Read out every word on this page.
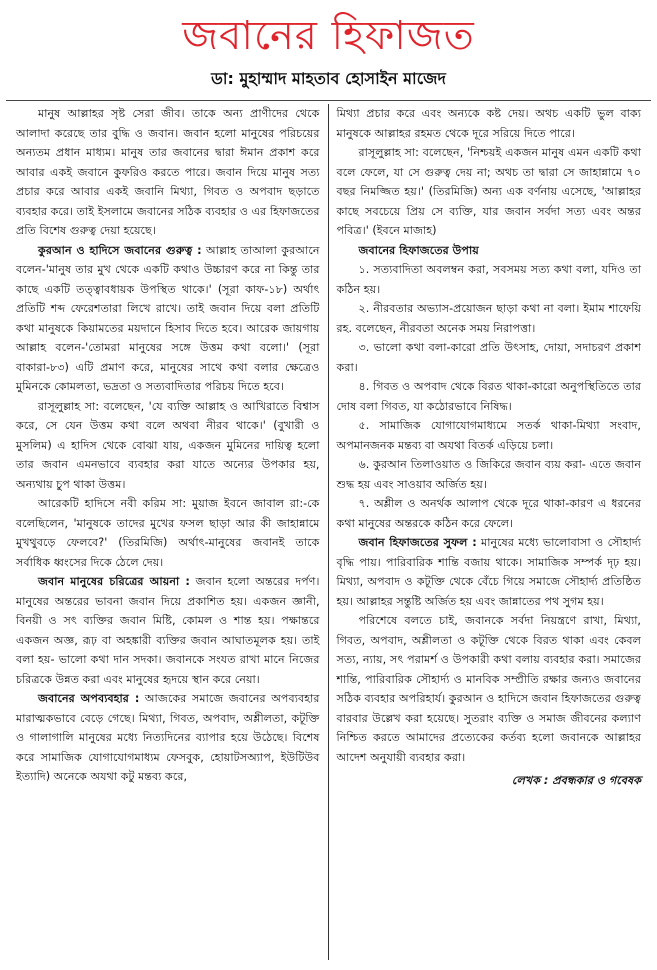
জবানের হিফাজত
ডা: মুহাম্মাদ মাহতাব হোসাইন মাজেদ

মানুষ আল্লাহর সৃষ্ট সেরা জীব। তাকে অন্য প্রাণীদের থেকে আলাদা করেছে তার বুদ্ধি ও জবান। জবান হলো মানুষের পরিচয়ের অন্যতম প্রধান মাধ্যম। মানুষ তার জবানের দ্বারা ঈমান প্রকাশ করে আবার একই জবানে কুফরিও করতে পারে। জবান দিয়ে মানুষ সত্য প্রচার করে আবার একই জবানি মিথ্যা, গিবত ও অপবাদ ছড়াতে ব্যবহার করে। তাই ইসলামে জবানের সঠিক ব্যবহার ও এর হিফাজতের প্রতি বিশেষ গুরুত্ব দেয়া হয়েছে।

কুরআন ও হাদিসে জবানের গুরুত্ব : আল্লাহ তাআলা কুরআনে বলেন-'মানুষ তার মুখ থেকে একটি কথাও উচ্চারণ করে না কিন্তু তার কাছে একটি তত্ত্বাবধায়ক উপস্থিত থাকে।' (সূরা কাফ-১৮) অর্থাৎ প্রতিটি শব্দ ফেরেশতারা লিখে রাখে। তাই জবান দিয়ে বলা প্রতিটি কথা মানুষকে কিয়ামতের ময়দানে হিসাব দিতে হবে। আরেক জায়গায় আল্লাহ বলেন-'তোমরা মানুষের সঙ্গে উত্তম কথা বলো।' (সূরা বাকারা-৮৩) এটি প্রমাণ করে, মানুষের সাথে কথা বলার ক্ষেত্রেও মুমিনকে কোমলতা, ভদ্রতা ও সত্যবাদিতার পরিচয় দিতে হবে।

রাসূলুল্লাহ সা: বলেছেন, 'যে ব্যক্তি আল্লাহ ও আখিরাতে বিশ্বাস করে, সে যেন উত্তম কথা বলে অথবা নীরব থাকে।' (বুখারী ও মুসলিম) এ হাদিস থেকে বোঝা যায়, একজন মুমিনের দায়িত্ব হলো তার জবান এমনভাবে ব্যবহার করা যাতে অন্যের উপকার হয়, অন্যথায় চুপ থাকা উত্তম।

আরেকটি হাদিসে নবী করিম সা: মুয়াজ ইবনে জাবাল রা:-কে বলেছিলেন, 'মানুষকে তাদের মুখের ফসল ছাড়া আর কী জাহান্নামে মুখথুবড়ে ফেলবে?' (তিরমিজি) অর্থাৎ-মানুষের জবানই তাকে সর্বাধিক ধ্বংসের দিকে ঠেলে দেয়।

জবান মানুষের চরিত্রের আয়না : জবান হলো অন্তরের দর্পণ। মানুষের অন্তরের ভাবনা জবান দিয়ে প্রকাশিত হয়। একজন জ্ঞানী, বিনয়ী ও সৎ ব্যক্তির জবান মিষ্টি, কোমল ও শান্ত হয়। পক্ষান্তরে একজন অজ্ঞ, রূঢ় বা অহঙ্কারী ব্যক্তির জবান আঘাতমূলক হয়। তাই বলা হয়- ভালো কথা দান সদকা। জবানকে সংযত রাখা মানে নিজের চরিত্রকে উন্নত করা এবং মানুষের হৃদয়ে স্থান করে নেয়া।

জবানের অপব্যবহার : আজকের সমাজে জবানের অপব্যবহার মারাত্মকভাবে বেড়ে গেছে। মিথ্যা, গিবত, অপবাদ, অশ্লীলতা, কটূক্তি ও গালাগালি মানুষের মধ্যে নিত্যদিনের ব্যাপার হয়ে উঠেছে। বিশেষ করে সামাজিক যোগাযোগমাধ্যম ফেসবুক, হোয়াটসঅ্যাপ, ইউটিউব ইত্যাদি) অনেকে অযথা কটু মন্তব্য করে,

মিথ্যা প্রচার করে এবং অন্যকে কষ্ট দেয়। অথচ একটি ভুল বাক্য মানুষকে আল্লাহর রহমত থেকে দূরে সরিয়ে দিতে পারে।

রাসূলুল্লাহ সা: বলেছেন, 'নিশ্চয়ই একজন মানুষ এমন একটি কথা বলে ফেলে, যা সে গুরুত্ব দেয় না; অথচ তা দ্বারা সে জাহান্নামে ৭০ বছর নিমজ্জিত হয়।' (তিরমিজি) অন্য এক বর্ণনায় এসেছে, 'আল্লাহর কাছে সবচেয়ে প্রিয় সে ব্যক্তি, যার জবান সর্বদা সত্য এবং অন্তর পবিত্র।' (ইবনে মাজাহ)

জবানের হিফাজতের উপায়

১. সত্যবাদিতা অবলম্বন করা, সবসময় সত্য কথা বলা, যদিও তা কঠিন হয়।

২. নীরবতার অভ্যাস-প্রয়োজন ছাড়া কথা না বলা। ইমাম শাফেয়ি রহ. বলেছেন, নীরবতা অনেক সময় নিরাপত্তা।

৩. ভালো কথা বলা-কারো প্রতি উৎসাহ, দোয়া, সদাচরণ প্রকাশ করা।

৪. গিবত ও অপবাদ থেকে বিরত থাকা-কারো অনুপস্থিতিতে তার দোষ বলা গিবত, যা কঠোরভাবে নিষিদ্ধ।

৫. সামাজিক যোগাযোগমাধ্যমে সতর্ক থাকা-মিথ্যা সংবাদ, অপমানজনক মন্তব্য বা অযথা বিতর্ক এড়িয়ে চলা।

৬. কুরআন তিলাওয়াত ও জিকিরে জবান ব্যয় করা- এতে জবান শুদ্ধ হয় এবং সাওয়াব অর্জিত হয়।

৭. অশ্লীল ও অনর্থক আলাপ থেকে দূরে থাকা-কারণ এ ধরনের কথা মানুষের অন্তরকে কঠিন করে ফেলে।

জবান হিফাজতের সুফল : মানুষের মধ্যে ভালোবাসা ও সৌহার্দ্য বৃদ্ধি পায়। পারিবারিক শান্তি বজায় থাকে। সামাজিক সম্পর্ক দৃঢ় হয়। মিথ্যা, অপবাদ ও কটূক্তি থেকে বেঁচে গিয়ে সমাজে সৌহার্দ্য প্রতিষ্ঠিত হয়। আল্লাহর সন্তুষ্টি অর্জিত হয় এবং জান্নাতের পথ সুগম হয়।

পরিশেষে বলতে চাই, জবানকে সর্বদা নিয়ন্ত্রণে রাখা, মিথ্যা, গিবত, অপবাদ, অশ্লীলতা ও কটূক্তি থেকে বিরত থাকা এবং কেবল সত্য, ন্যায়, সৎ পরামর্শ ও উপকারী কথা বলায় ব্যবহার করা। সমাজের শান্তি, পারিবারিক সৌহার্দ্য ও মানবিক সম্প্রীতি রক্ষার জন্যও জবানের সঠিক ব্যবহার অপরিহার্য। কুরআন ও হাদিসে জবান হিফাজতের গুরুত্ব বারবার উল্লেখ করা হয়েছে। সুতরাং ব্যক্তি ও সমাজ জীবনের কল্যাণ নিশ্চিত করতে আমাদের প্রত্যেকের কর্তব্য হলো জবানকে আল্লাহর আদেশ অনুযায়ী ব্যবহার করা।

লেখক : প্রবন্ধকার ও গবেষক
